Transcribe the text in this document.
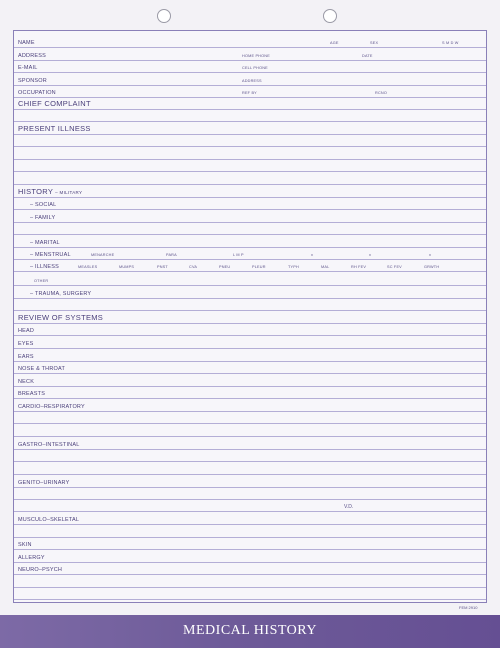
NAME	AGE	SEX	S M D W
ADDRESS	HOME PHONE	DATE
E-MAIL	CELL PHONE
SPONSOR	ADDRESS
OCCUPATION	REF BY	RCNO
CHIEF COMPLAINT
PRESENT ILLNESS
HISTORY – MILITARY
– SOCIAL
– FAMILY
– MARITAL
– MENSTRUAL	MENARCHE	PARA	L M P	x	x	x
– ILLNESS	MEASLES	MUMPS	PNST	CVA	PNEU	PLEUR	TYPH	MAL	RH FEV	SC FEV	GRWTH
OTHER
– TRAUMA, SURGERY
REVIEW OF SYSTEMS
HEAD
EYES
EARS
NOSE & THROAT
NECK
BREASTS
CARDIO–RESPIRATORY
GASTRO–INTESTINAL
GENITO–URINARY
V.D.
MUSCULO–SKELETAL
SKIN
ALLERGY
NEURO–PSYCH
FEM 2910
MEDICAL HISTORY
